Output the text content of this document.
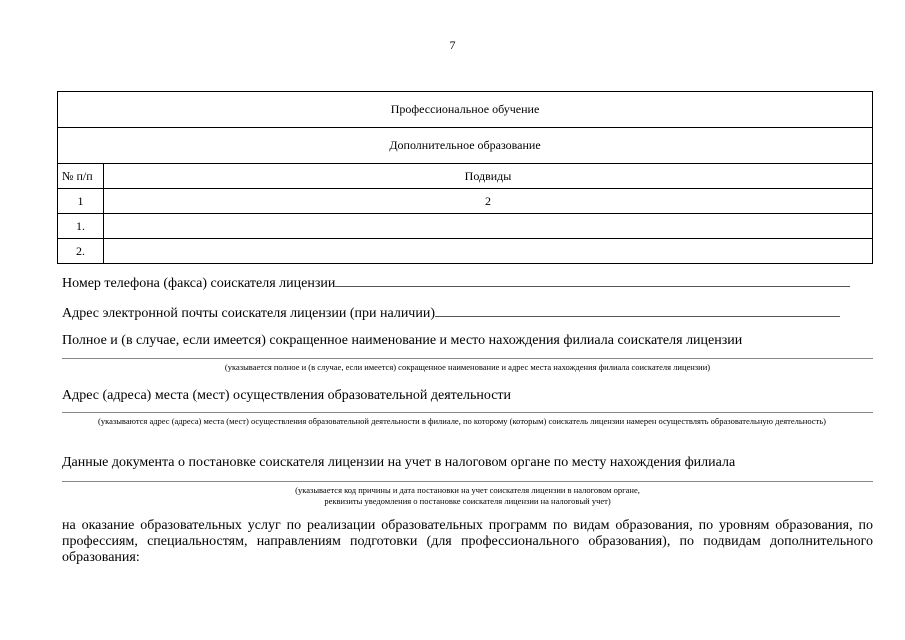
7
Профессиональное обучение	
Дополнительное образование	
№ п/п	Подвиды
1	2
1.	
2.	
Номер телефона (факса) соискателя лицензии
Адрес электронной почты соискателя лицензии (при наличии)
Полное и (в случае, если имеется) сокращенное наименование и место нахождения филиала соискателя лицензии
(указывается полное и (в случае, если имеется) сокращенное наименование и адрес места нахождения филиала соискателя лицензии)
Адрес (адреса) места (мест) осуществления образовательной деятельности
(указываются адрес (адреса) места (мест) осуществления образовательной деятельности в филиале, по которому (которым) соискатель лицензии намерен осуществлять образовательную деятельность)
Данные документа о постановке соискателя лицензии на учет в налоговом органе по месту нахождения филиала
(указывается код причины и дата постановки на учет соискателя лицензии в налоговом органе,
реквизиты уведомления о постановке соискателя лицензии на налоговый учет)
на оказание образовательных услуг по реализации образовательных программ по видам образования, по уровням образования, по профессиям, специальностям, направлениям подготовки (для профессионального образования), по подвидам дополнительного образования:
